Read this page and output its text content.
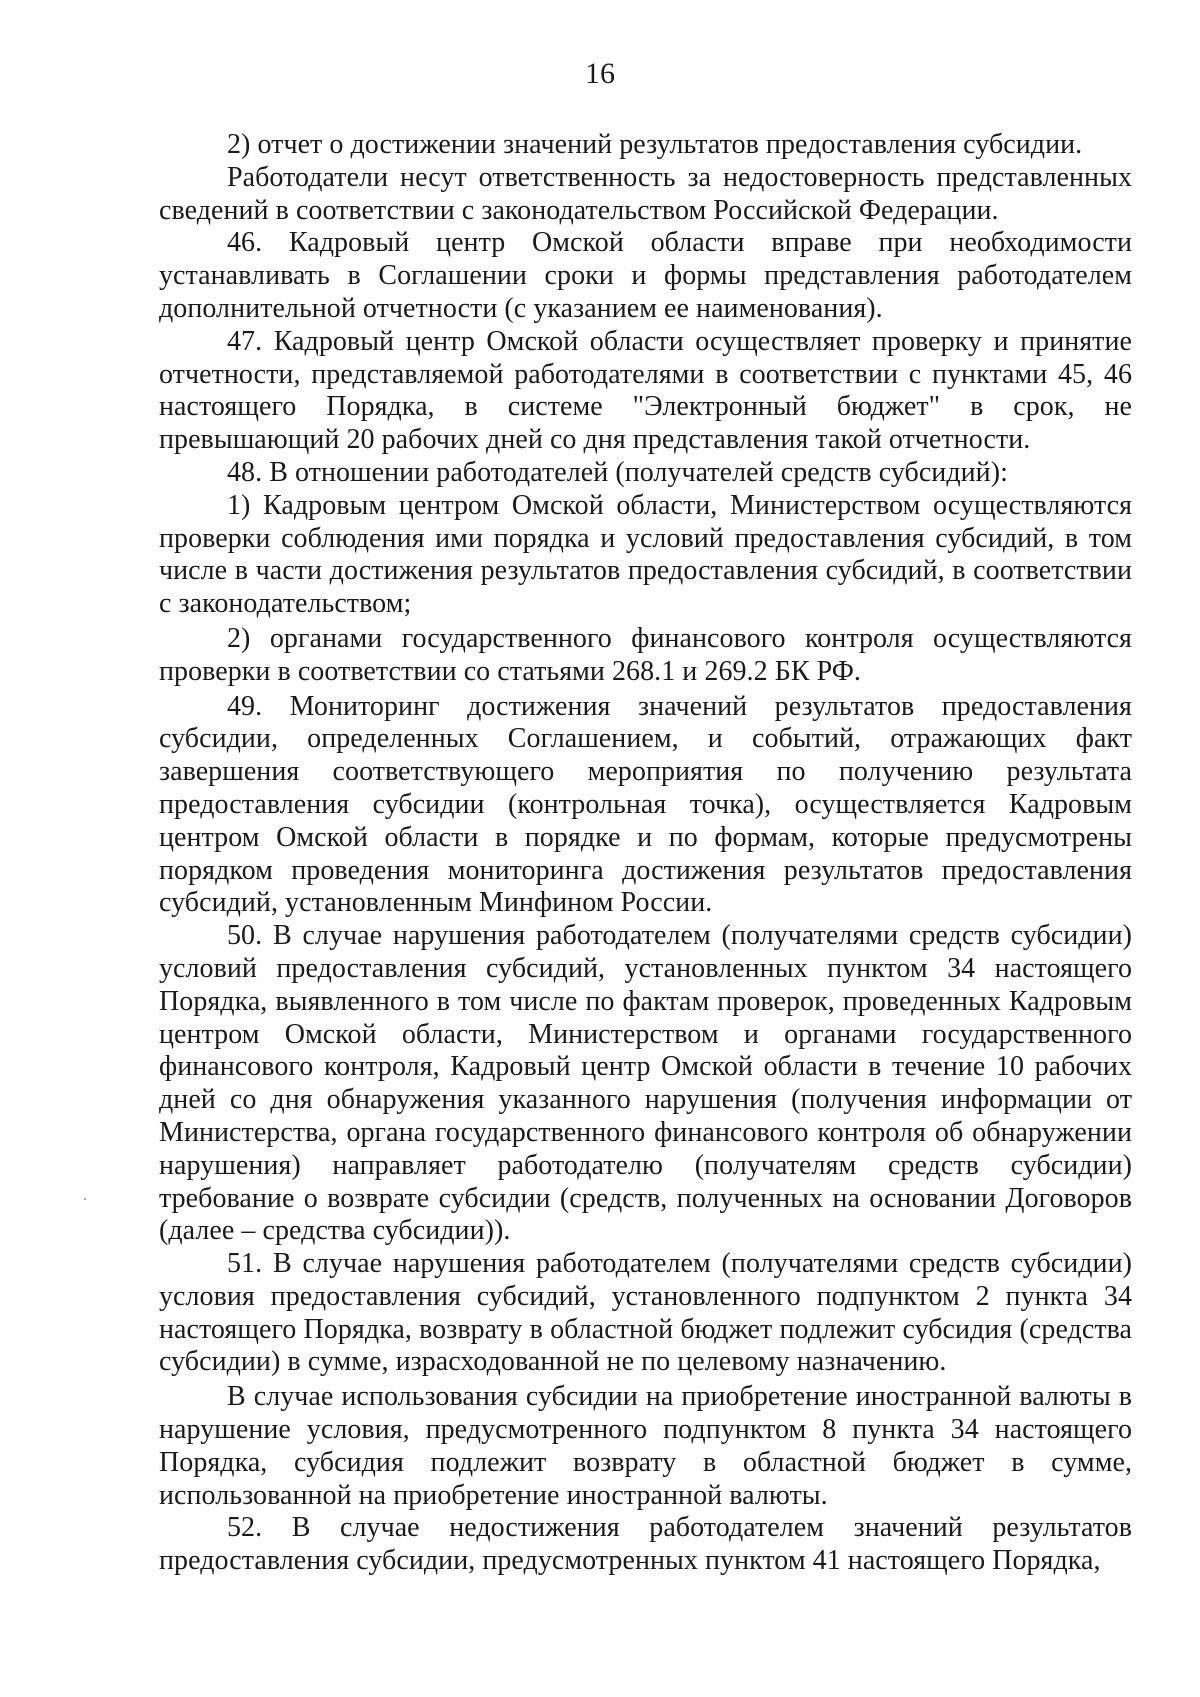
16

2) отчет о достижении значений результатов предоставления субсидии.

Работодатели несут ответственность за недостоверность представленных сведений в соответствии с законодательством Российской Федерации.

46. Кадровый центр Омской области вправе при необходимости устанавливать в Соглашении сроки и формы представления работодателем дополнительной отчетности (с указанием ее наименования).

47. Кадровый центр Омской области осуществляет проверку и принятие отчетности, представляемой работодателями в соответствии с пунктами 45, 46 настоящего Порядка, в системе "Электронный бюджет" в срок, не превышающий 20 рабочих дней со дня представления такой отчетности.

48. В отношении работодателей (получателей средств субсидий):

1) Кадровым центром Омской области, Министерством осуществляются проверки соблюдения ими порядка и условий предоставления субсидий, в том числе в части достижения результатов предоставления субсидий, в соответствии с законодательством;

2) органами государственного финансового контроля осуществляются проверки в соответствии со статьями 268.1 и 269.2 БК РФ.

49. Мониторинг достижения значений результатов предоставления субсидии, определенных Соглашением, и событий, отражающих факт завершения соответствующего мероприятия по получению результата предоставления субсидии (контрольная точка), осуществляется Кадровым центром Омской области в порядке и по формам, которые предусмотрены порядком проведения мониторинга достижения результатов предоставления субсидий, установленным Минфином России.

50. В случае нарушения работодателем (получателями средств субсидии) условий предоставления субсидий, установленных пунктом 34 настоящего Порядка, выявленного в том числе по фактам проверок, проведенных Кадровым центром Омской области, Министерством и органами государственного финансового контроля, Кадровый центр Омской области в течение 10 рабочих дней со дня обнаружения указанного нарушения (получения информации от Министерства, органа государственного финансового контроля об обнаружении нарушения) направляет работодателю (получателям средств субсидии) требование о возврате субсидии (средств, полученных на основании Договоров (далее – средства субсидии)).

51. В случае нарушения работодателем (получателями средств субсидии) условия предоставления субсидий, установленного подпунктом 2 пункта 34 настоящего Порядка, возврату в областной бюджет подлежит субсидия (средства субсидии) в сумме, израсходованной не по целевому назначению.

В случае использования субсидии на приобретение иностранной валюты в нарушение условия, предусмотренного подпунктом 8 пункта 34 настоящего Порядка, субсидия подлежит возврату в областной бюджет в сумме, использованной на приобретение иностранной валюты.

52. В случае недостижения работодателем значений результатов предоставления субсидии, предусмотренных пунктом 41 настоящего Порядка,
